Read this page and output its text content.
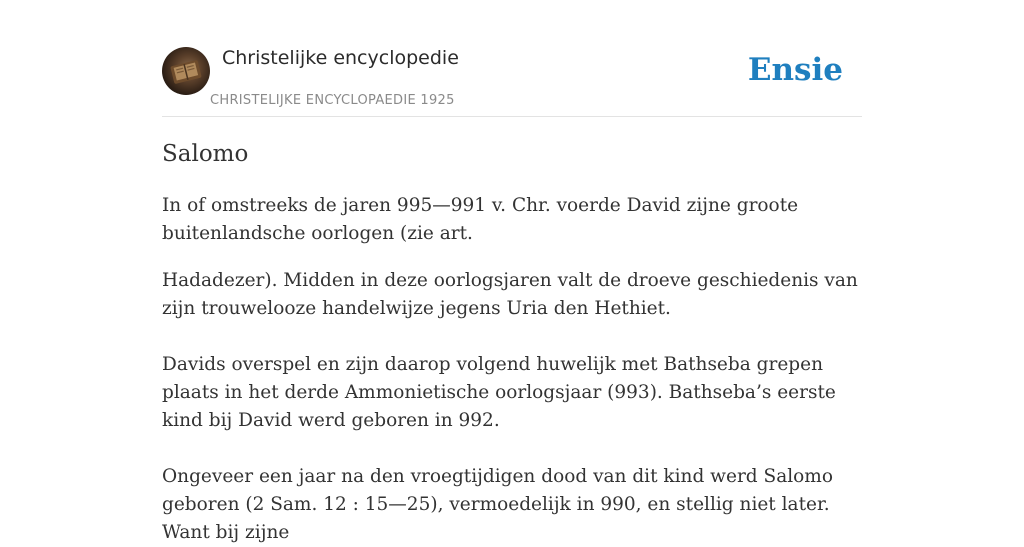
Christelijke encyclopedie
CHRISTELIJKE ENCYCLOPAEDIE 1925
Ensie
Salomo

In of omstreeks de jaren 995—991 v. Chr. voerde David zijne groote buitenlandsche oorlogen (zie art.

Hadadezer). Midden in deze oorlogsjaren valt de droeve geschiedenis van zijn trouwelooze handelwijze jegens Uria den Hethiet.

Davids overspel en zijn daarop volgend huwelijk met Bathseba grepen plaats in het derde Ammonietische oorlogsjaar (993). Bathseba’s eerste kind bij David werd geboren in 992.

Ongeveer een jaar na den vroegtijdigen dood van dit kind werd Salomo geboren (2 Sam. 12 : 15—25), vermoedelijk in 990, en stellig niet later. Want bij zijne
